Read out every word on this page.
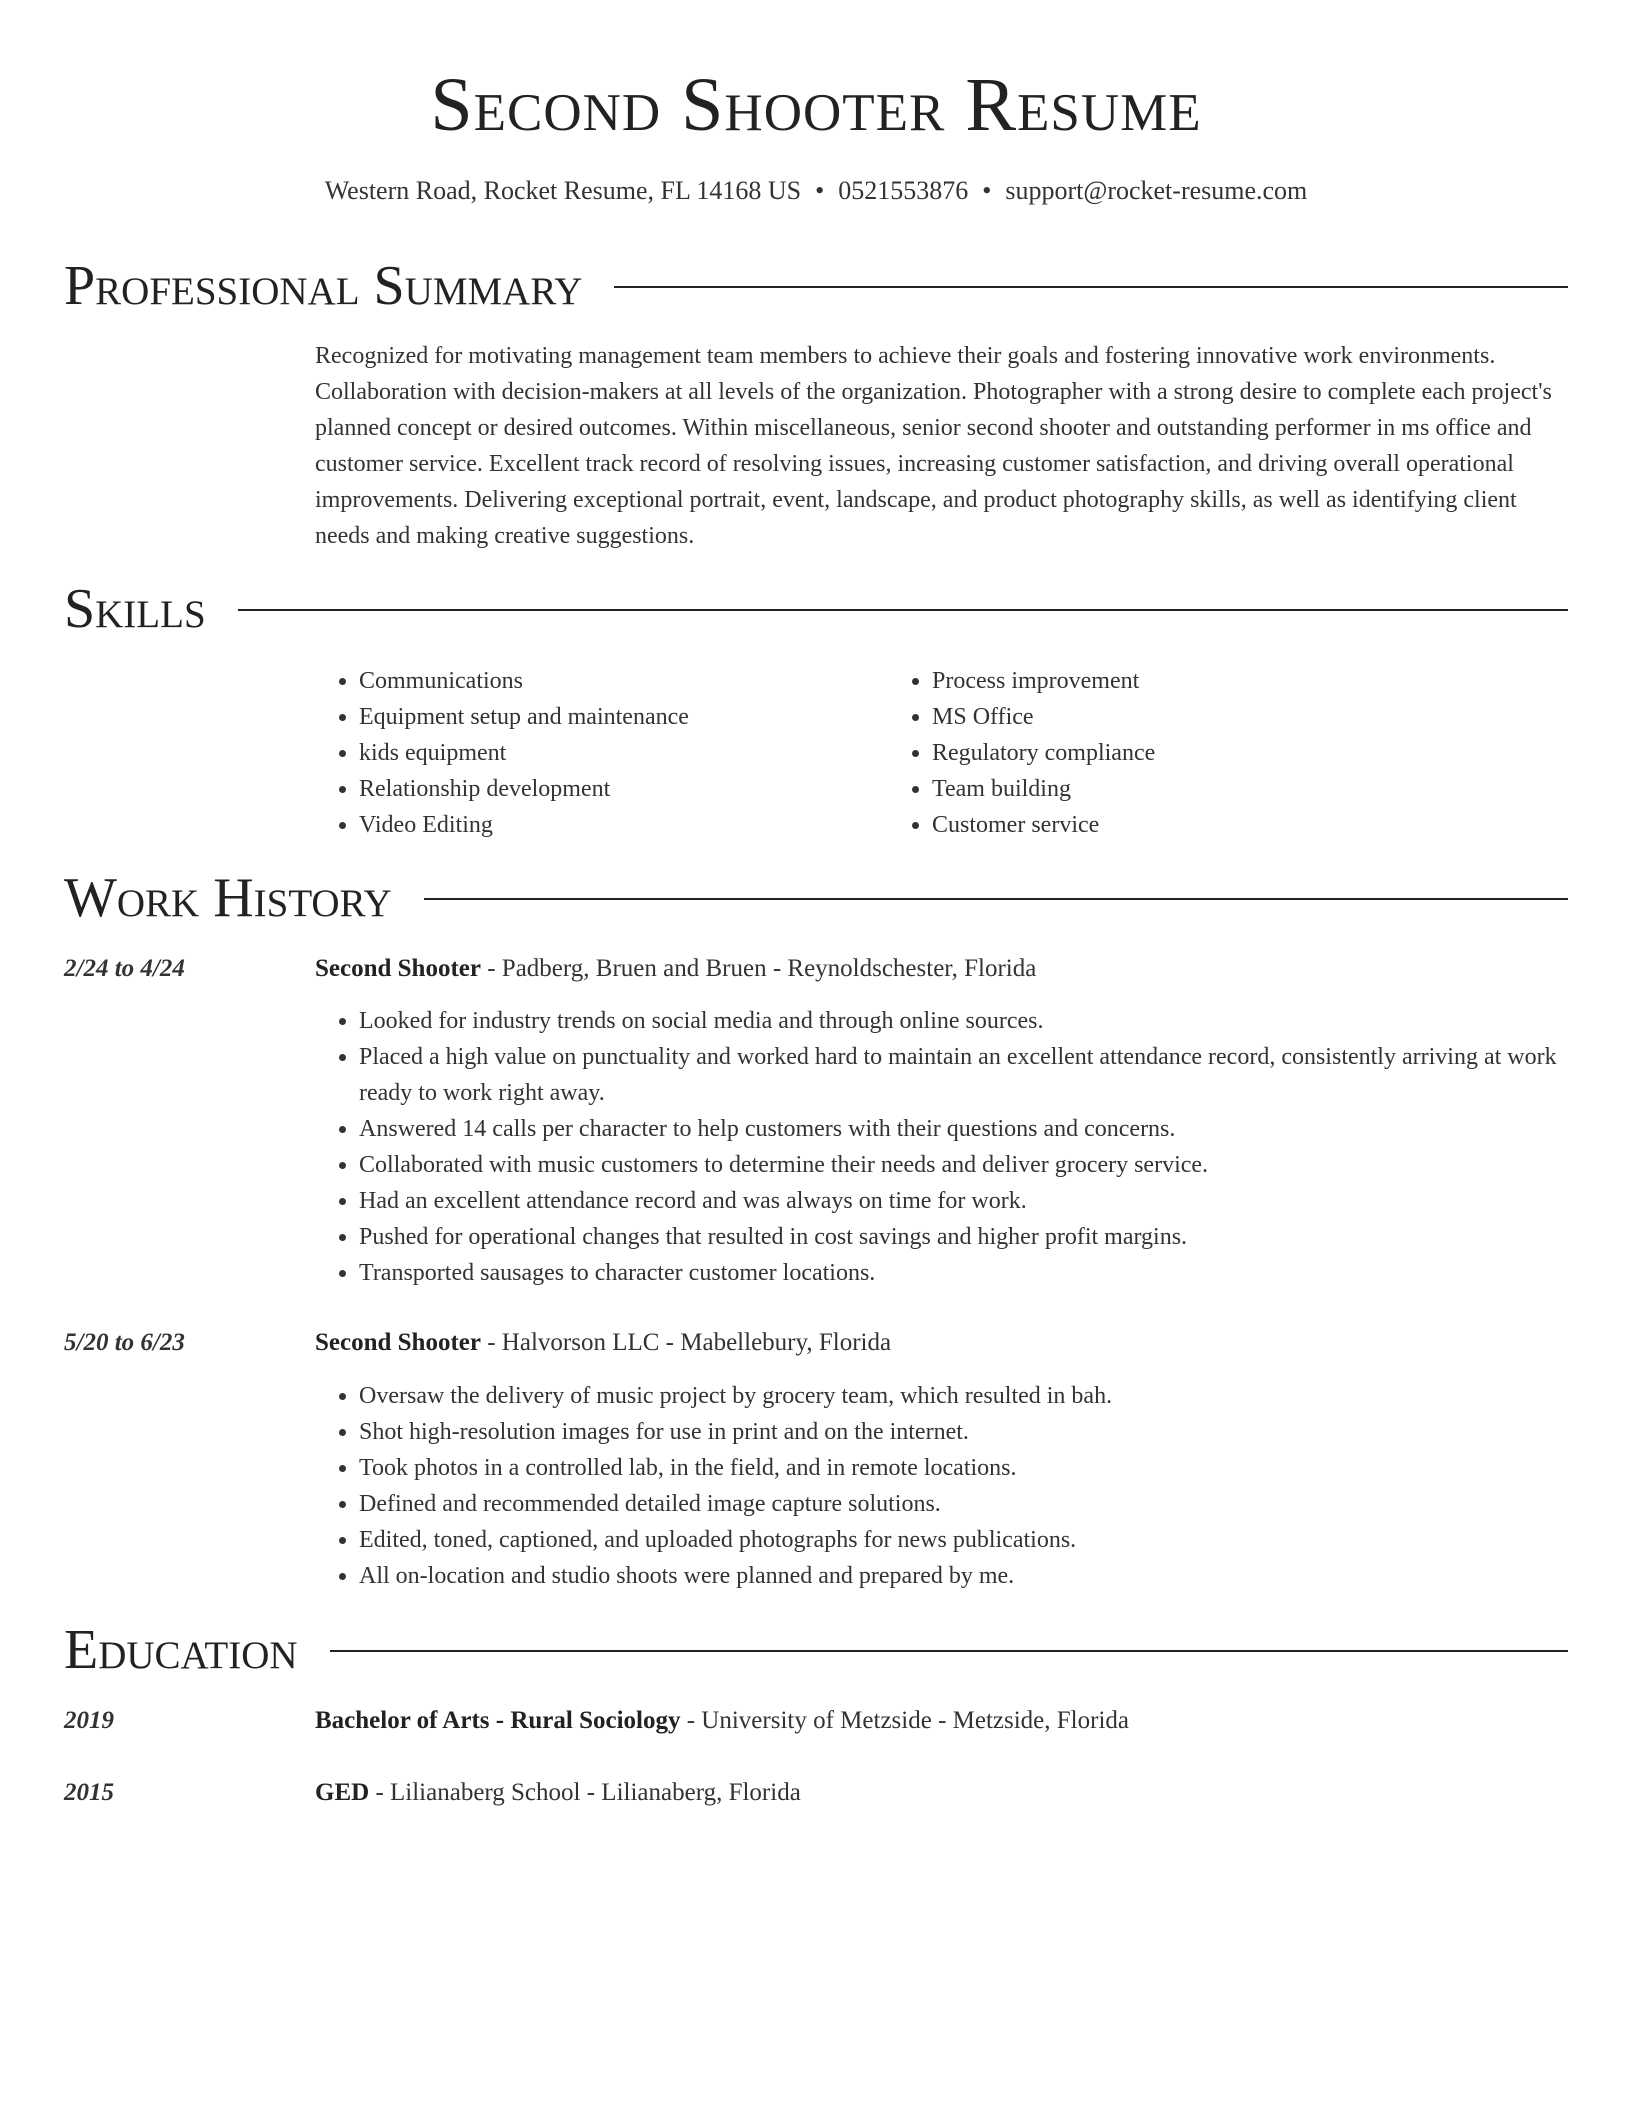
Second Shooter Resume
Western Road, Rocket Resume, FL 14168 US • 0521553876 • support@rocket-resume.com
Professional Summary
Recognized for motivating management team members to achieve their goals and fostering innovative work environments. Collaboration with decision-makers at all levels of the organization. Photographer with a strong desire to complete each project's planned concept or desired outcomes. Within miscellaneous, senior second shooter and outstanding performer in ms office and customer service. Excellent track record of resolving issues, increasing customer satisfaction, and driving overall operational improvements. Delivering exceptional portrait, event, landscape, and product photography skills, as well as identifying client needs and making creative suggestions.
Skills
• Communications
• Equipment setup and maintenance
• kids equipment
• Relationship development
• Video Editing
• Process improvement
• MS Office
• Regulatory compliance
• Team building
• Customer service
Work History
2/24 to 4/24	Second Shooter - Padberg, Bruen and Bruen - Reynoldschester, Florida
• Looked for industry trends on social media and through online sources.
• Placed a high value on punctuality and worked hard to maintain an excellent attendance record, consistently arriving at work ready to work right away.
• Answered 14 calls per character to help customers with their questions and concerns.
• Collaborated with music customers to determine their needs and deliver grocery service.
• Had an excellent attendance record and was always on time for work.
• Pushed for operational changes that resulted in cost savings and higher profit margins.
• Transported sausages to character customer locations.
5/20 to 6/23	Second Shooter - Halvorson LLC - Mabellebury, Florida
• Oversaw the delivery of music project by grocery team, which resulted in bah.
• Shot high-resolution images for use in print and on the internet.
• Took photos in a controlled lab, in the field, and in remote locations.
• Defined and recommended detailed image capture solutions.
• Edited, toned, captioned, and uploaded photographs for news publications.
• All on-location and studio shoots were planned and prepared by me.
Education
2019	Bachelor of Arts - Rural Sociology - University of Metzside - Metzside, Florida
2015	GED - Lilianaberg School - Lilianaberg, Florida
